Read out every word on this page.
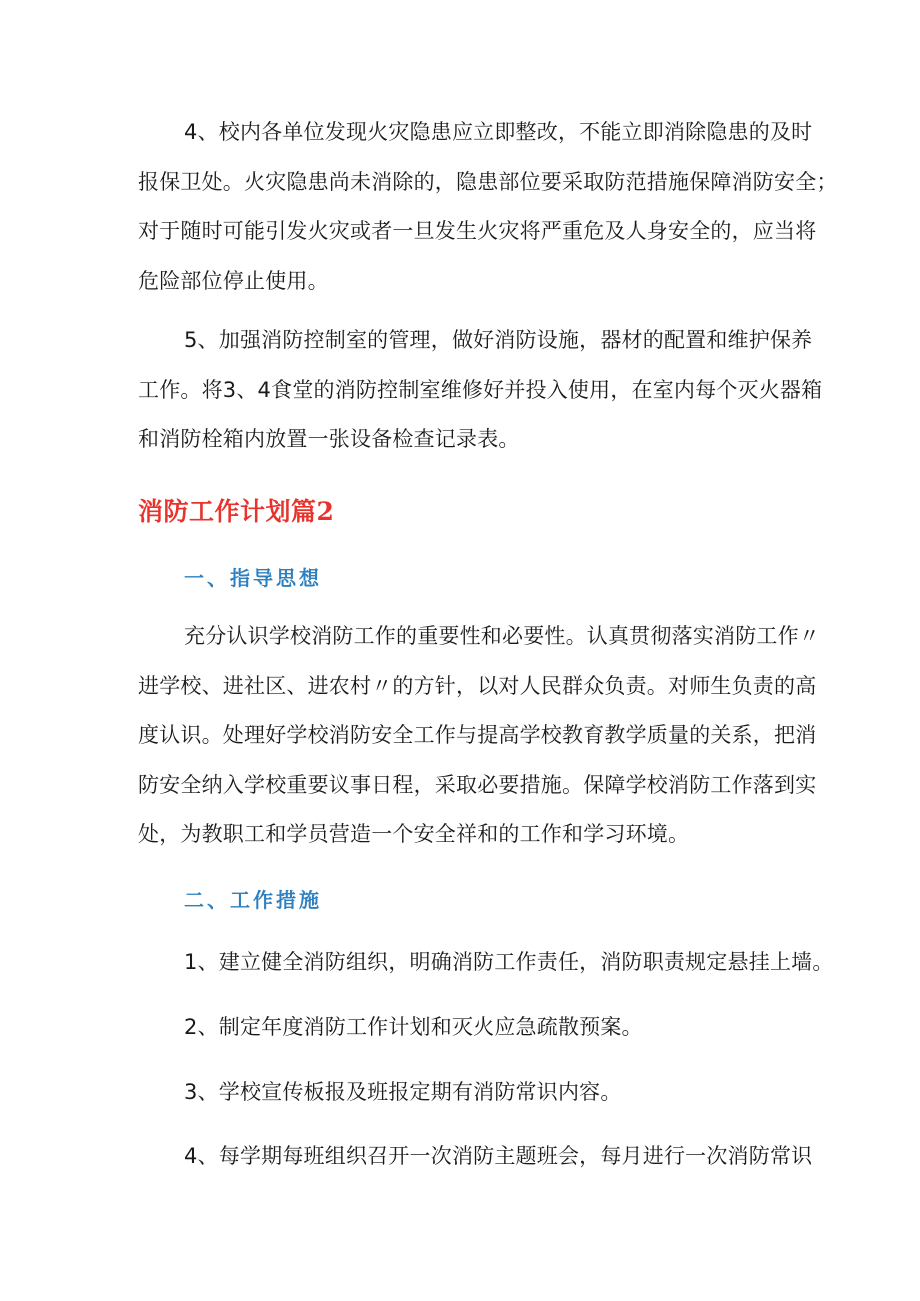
4、校内各单位发现火灾隐患应立即整改，不能立即消除隐患的及时
报保卫处。火灾隐患尚未消除的，隐患部位要采取防范措施保障消防安全；
对于随时可能引发火灾或者一旦发生火灾将严重危及人身安全的，应当将
危险部位停止使用。
5、加强消防控制室的管理，做好消防设施，器材的配置和维护保养
工作。将3、4食堂的消防控制室维修好并投入使用，在室内每个灭火器箱
和消防栓箱内放置一张设备检查记录表。
消防工作计划篇2
一、指导思想
充分认识学校消防工作的重要性和必要性。认真贯彻落实消防工作〃
进学校、进社区、进农村〃的方针，以对人民群众负责。对师生负责的高
度认识。处理好学校消防安全工作与提高学校教育教学质量的关系，把消
防安全纳入学校重要议事日程，采取必要措施。保障学校消防工作落到实
处，为教职工和学员营造一个安全祥和的工作和学习环境。
二、工作措施

1、建立健全消防组织，明确消防工作责任，消防职责规定悬挂上墙。

2、制定年度消防工作计划和灭火应急疏散预案。

3、学校宣传板报及班报定期有消防常识内容。

4、每学期每班组织召开一次消防主题班会，每月进行一次消防常识
